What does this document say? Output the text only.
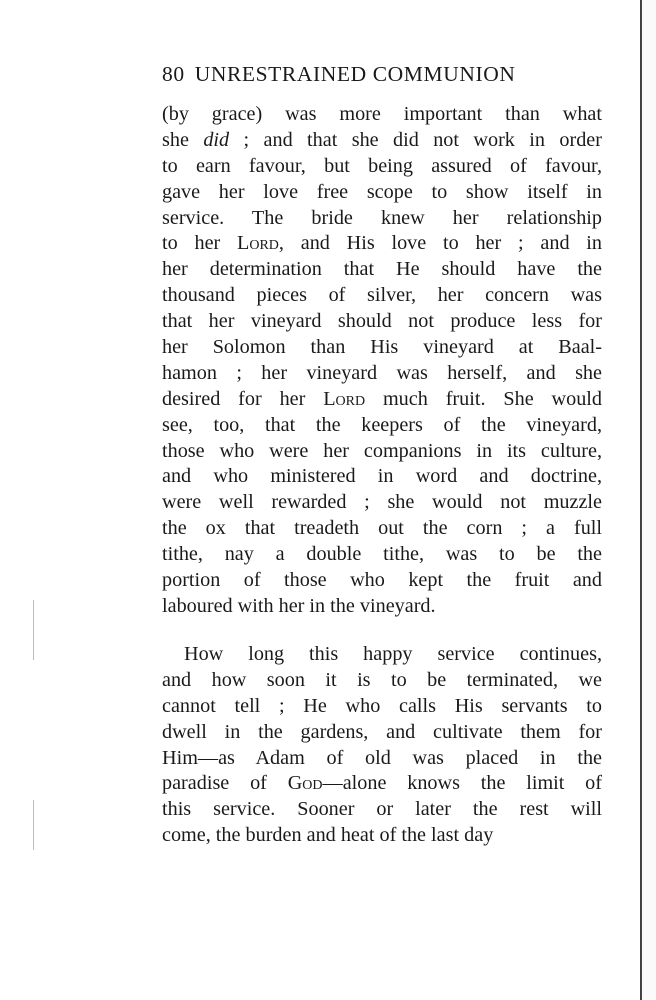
80 UNRESTRAINED COMMUNION
(by grace) was more important than what
she did ; and that she did not work in order
to earn favour, but being assured of favour,
gave her love free scope to show itself in
service. The bride knew her relationship
to her Lord, and His love to her ; and in
her determination that He should have the
thousand pieces of silver, her concern was
that her vineyard should not produce less for
her Solomon than His vineyard at Baal-
hamon ; her vineyard was herself, and she
desired for her Lord much fruit. She would
see, too, that the keepers of the vineyard,
those who were her companions in its culture,
and who ministered in word and doctrine,
were well rewarded ; she would not muzzle
the ox that treadeth out the corn ; a full
tithe, nay a double tithe, was to be the
portion of those who kept the fruit and
laboured with her in the vineyard.
How long this happy service continues,
and how soon it is to be terminated, we
cannot tell ; He who calls His servants to
dwell in the gardens, and cultivate them for
Him—as Adam of old was placed in the
paradise of God—alone knows the limit of
this service. Sooner or later the rest will
come, the burden and heat of the last day
